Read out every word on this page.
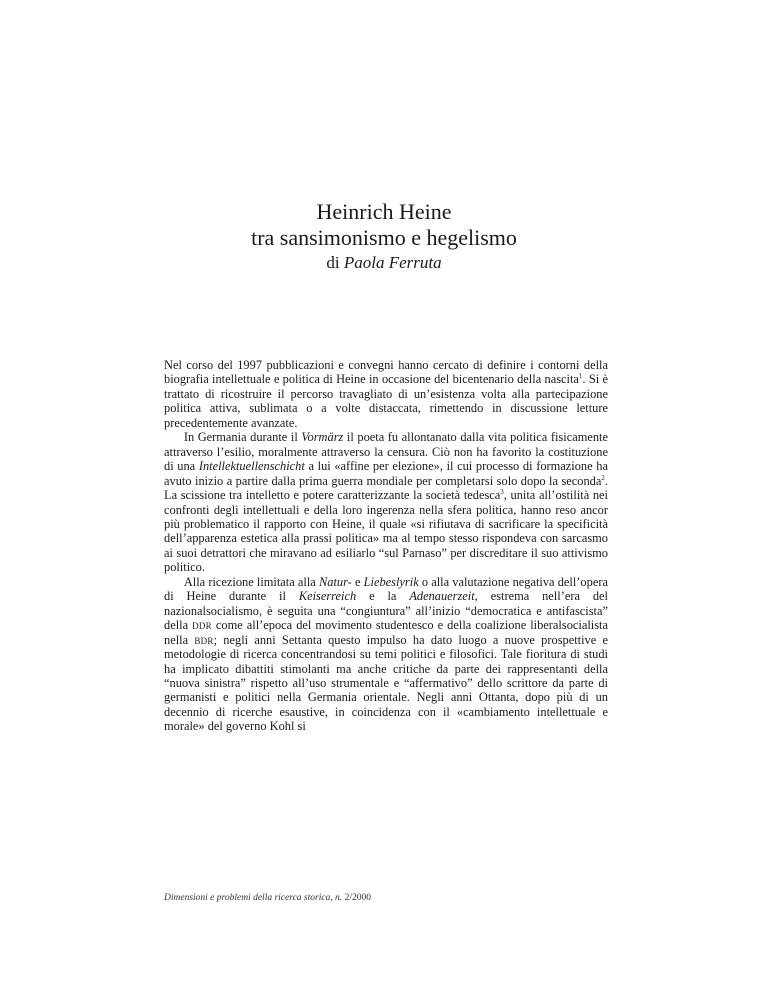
Heinrich Heine
tra sansimonismo e hegelismo
di Paola Ferruta

Nel corso del 1997 pubblicazioni e convegni hanno cercato di definire i contorni della biografia intellettuale e politica di Heine in occasione del bicentenario della nascita$^1$. Si è trattato di ricostruire il percorso travagliato di un’esistenza volta alla partecipazione politica attiva, sublimata o a volte distaccata, rimettendo in discussione letture precedentemente avanzate.

In Germania durante il Vormärz il poeta fu allontanato dalla vita politica fisicamente attraverso l’esilio, moralmente attraverso la censura. Ciò non ha favorito la costituzione di una Intellektuellenschicht a lui «affine per elezione», il cui processo di formazione ha avuto inizio a partire dalla prima guerra mondiale per completarsi solo dopo la seconda$^2$. La scissione tra intelletto e potere caratterizzante la società tedesca$^3$, unita all’ostilità nei confronti degli intellettuali e della loro ingerenza nella sfera politica, hanno reso ancor più problematico il rapporto con Heine, il quale «si rifiutava di sacrificare la specificità dell’apparenza estetica alla prassi politica» ma al tempo stesso rispondeva con sarcasmo ai suoi detrattori che miravano ad esiliarlo “sul Parnaso” per discreditare il suo attivismo politico.

Alla ricezione limitata alla Natur- e Liebeslyrik o alla valutazione negativa dell’opera di Heine durante il Keiserreich e la Adenauerzeit, estrema nell’era del nazionalsocialismo, è seguita una “congiuntura” all’inizio “democratica e antifascista” della ddr come all’epoca del movimento studentesco e della coalizione liberalsocialista nella bdr; negli anni Settanta questo impulso ha dato luogo a nuove prospettive e metodologie di ricerca concentrandosi su temi politici e filosofici. Tale fioritura di studi ha implicato dibattiti stimolanti ma anche critiche da parte dei rappresentanti della “nuova sinistra” rispetto all’uso strumentale e “affermativo” dello scrittore da parte di germanisti e politici nella Germania orientale. Negli anni Ottanta, dopo più di un decennio di ricerche esaustive, in coincidenza con il «cambiamento intellettuale e morale» del governo Kohl si

Dimensioni e problemi della ricerca storica, n. 2/2000
